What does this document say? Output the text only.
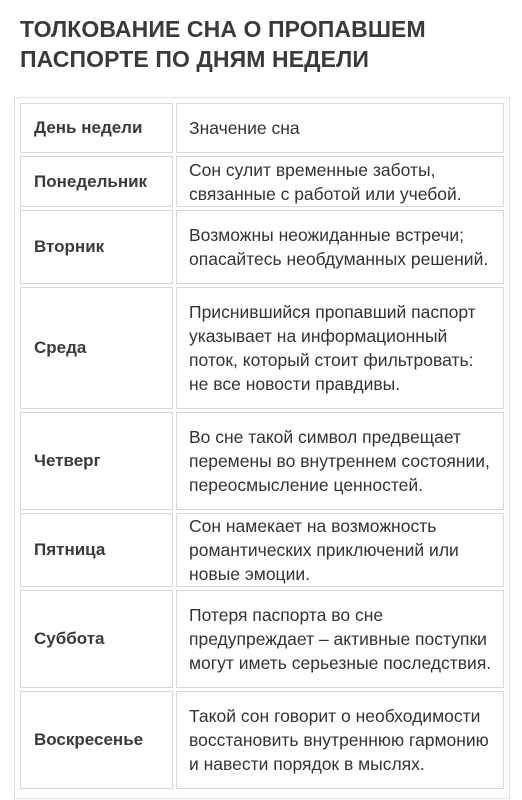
ТОЛКОВАНИЕ СНА О ПРОПАВШЕМ ПАСПОРТЕ ПО ДНЯМ НЕДЕЛИ
День недели	Значение сна
Понедельник	Сон сулит временные заботы, связанные с работой или учебой.
Вторник	Возможны неожиданные встречи; опасайтесь необдуманных решений.
Среда	Приснившийся пропавший паспорт указывает на информационный поток, который стоит фильтровать: не все новости правдивы.
Четверг	Во сне такой символ предвещает перемены во внутреннем состоянии, переосмысление ценностей.
Пятница	Сон намекает на возможность романтических приключений или новые эмоции.
Суббота	Потеря паспорта во сне предупреждает – активные поступки могут иметь серьезные последствия.
Воскресенье	Такой сон говорит о необходимости восстановить внутреннюю гармонию и навести порядок в мыслях.
